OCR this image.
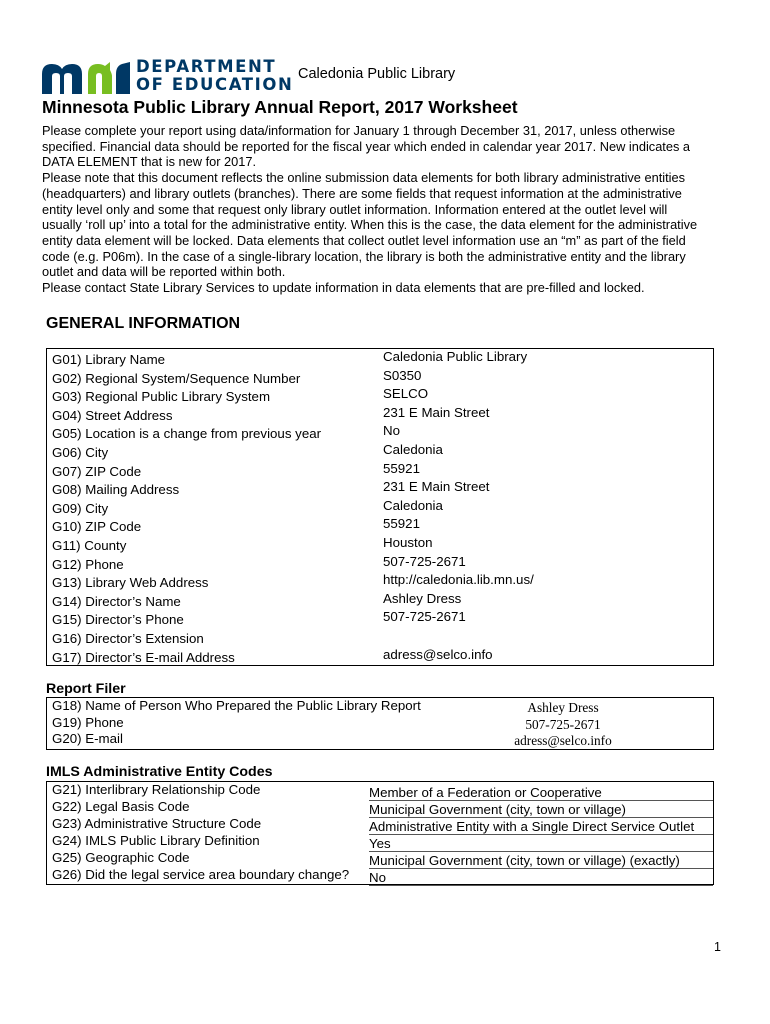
DEPARTMENT
OF EDUCATION
Caledonia Public Library
Minnesota Public Library Annual Report, 2017 Worksheet

Please complete your report using data/information for January 1 through December 31, 2017, unless otherwise specified. Financial data should be reported for the fiscal year which ended in calendar year 2017. New indicates a DATA ELEMENT that is new for 2017.

Please note that this document reflects the online submission data elements for both library administrative entities (headquarters) and library outlets (branches). There are some fields that request information at the administrative entity level only and some that request only library outlet information. Information entered at the outlet level will usually ‘roll up’ into a total for the administrative entity. When this is the case, the data element for the administrative entity data element will be locked. Data elements that collect outlet level information use an “m” as part of the field code (e.g. P06m). In the case of a single-library location, the library is both the administrative entity and the library outlet and data will be reported within both.

Please contact State Library Services to update information in data elements that are pre-filled and locked.

GENERAL INFORMATION
G01) Library Name	Caledonia Public Library
G02) Regional System/Sequence Number	S0350
G03) Regional Public Library System	SELCO
G04) Street Address	231 E Main Street
G05) Location is a change from previous year	No
G06) City	Caledonia
G07) ZIP Code	55921
G08) Mailing Address	231 E Main Street
G09) City	Caledonia
G10) ZIP Code	55921
G11) County	Houston
G12) Phone	507-725-2671
G13) Library Web Address	http://caledonia.lib.mn.us/
G14) Director’s Name	Ashley Dress
G15) Director’s Phone	507-725-2671
G16) Director’s Extension
G17) Director’s E-mail Address	adress@selco.info
Report Filer
G18) Name of Person Who Prepared the Public Library Report	Ashley Dress
G19) Phone	507-725-2671
G20) E-mail	adress@selco.info
IMLS Administrative Entity Codes
G21) Interlibrary Relationship Code	Member of a Federation or Cooperative
G22) Legal Basis Code	Municipal Government (city, town or village)
G23) Administrative Structure Code	Administrative Entity with a Single Direct Service Outlet
G24) IMLS Public Library Definition	Yes
G25) Geographic Code	Municipal Government (city, town or village) (exactly)
G26) Did the legal service area boundary change? No
1
